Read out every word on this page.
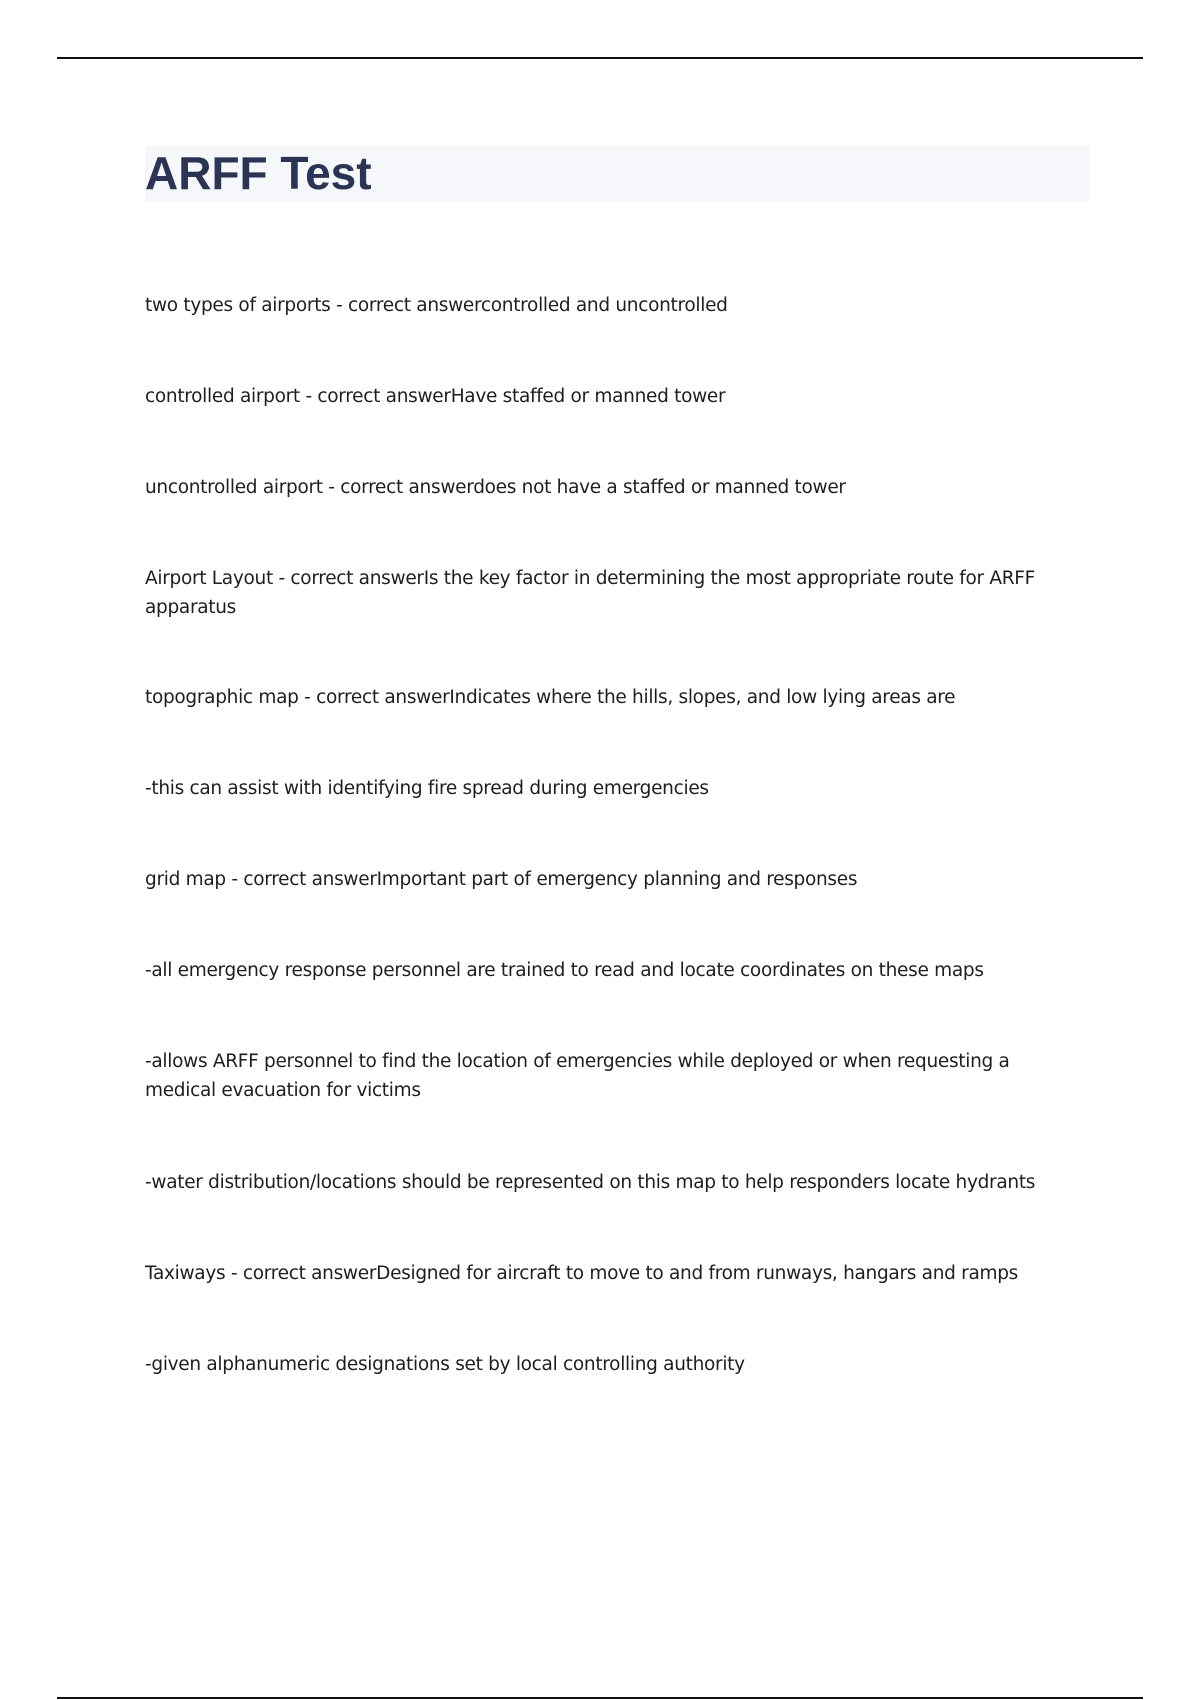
ARFF Test

two types of airports - correct answercontrolled and uncontrolled

controlled airport - correct answerHave staffed or manned tower

uncontrolled airport - correct answerdoes not have a staffed or manned tower

Airport Layout - correct answerIs the key factor in determining the most appropriate route for ARFF apparatus

topographic map - correct answerIndicates where the hills, slopes, and low lying areas are

-this can assist with identifying fire spread during emergencies

grid map - correct answerImportant part of emergency planning and responses

-all emergency response personnel are trained to read and locate coordinates on these maps

-allows ARFF personnel to find the location of emergencies while deployed or when requesting a medical evacuation for victims

-water distribution/locations should be represented on this map to help responders locate hydrants

Taxiways - correct answerDesigned for aircraft to move to and from runways, hangars and ramps

-given alphanumeric designations set by local controlling authority
